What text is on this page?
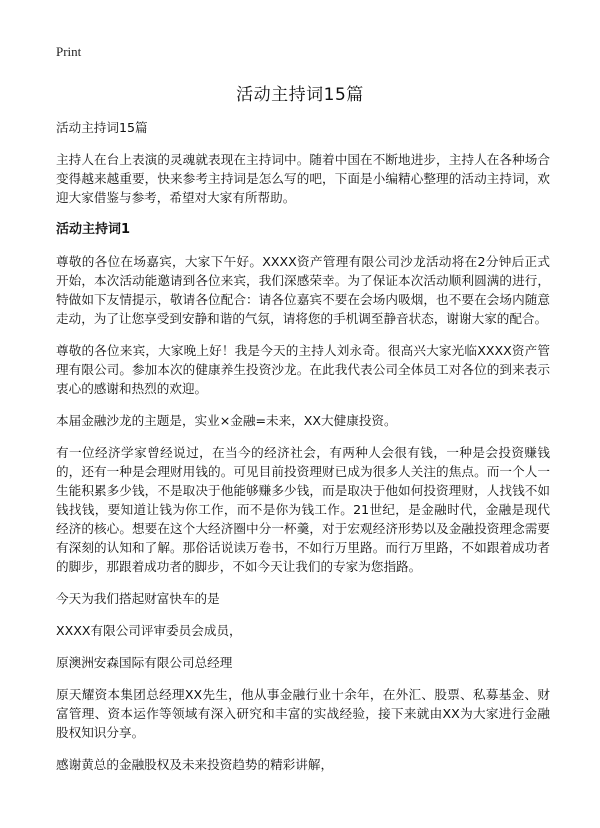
Print
活动主持词15篇

活动主持词15篇

主持人在台上表演的灵魂就表现在主持词中。随着中国在不断地进步，主持人在各种场合变得越来越重要，快来参考主持词是怎么写的吧，下面是小编精心整理的活动主持词，欢迎大家借鉴与参考，希望对大家有所帮助。

活动主持词1

尊敬的各位在场嘉宾，大家下午好。XXXX资产管理有限公司沙龙活动将在2分钟后正式开始，本次活动能邀请到各位来宾，我们深感荣幸。为了保证本次活动顺利圆满的进行，特做如下友情提示，敬请各位配合：请各位嘉宾不要在会场内吸烟，也不要在会场内随意走动，为了让您享受到安静和谐的气氛，请将您的手机调至静音状态，谢谢大家的配合。

尊敬的各位来宾，大家晚上好！我是今天的主持人刘永奇。很高兴大家光临XXXX资产管理有限公司。参加本次的健康养生投资沙龙。在此我代表公司全体员工对各位的到来表示衷心的感谢和热烈的欢迎。

本届金融沙龙的主题是，实业×金融=未来，XX大健康投资。

有一位经济学家曾经说过，在当今的经济社会，有两种人会很有钱，一种是会投资赚钱的，还有一种是会理财用钱的。可见目前投资理财已成为很多人关注的焦点。而一个人一生能积累多少钱，不是取决于他能够赚多少钱，而是取决于他如何投资理财，人找钱不如钱找钱，要知道让钱为你工作，而不是你为钱工作。21世纪，是金融时代，金融是现代经济的核心。想要在这个大经济圈中分一杯羹，对于宏观经济形势以及金融投资理念需要有深刻的认知和了解。那俗话说读万卷书，不如行万里路。而行万里路，不如跟着成功者的脚步，那跟着成功者的脚步，不如今天让我们的专家为您指路。

今天为我们搭起财富快车的是

XXXX有限公司评审委员会成员，

原澳洲安森国际有限公司总经理

原天耀资本集团总经理XX先生，他从事金融行业十余年，在外汇、股票、私募基金、财富管理、资本运作等领域有深入研究和丰富的实战经验，接下来就由XX为大家进行金融股权知识分享。

感谢黄总的金融股权及未来投资趋势的精彩讲解，
